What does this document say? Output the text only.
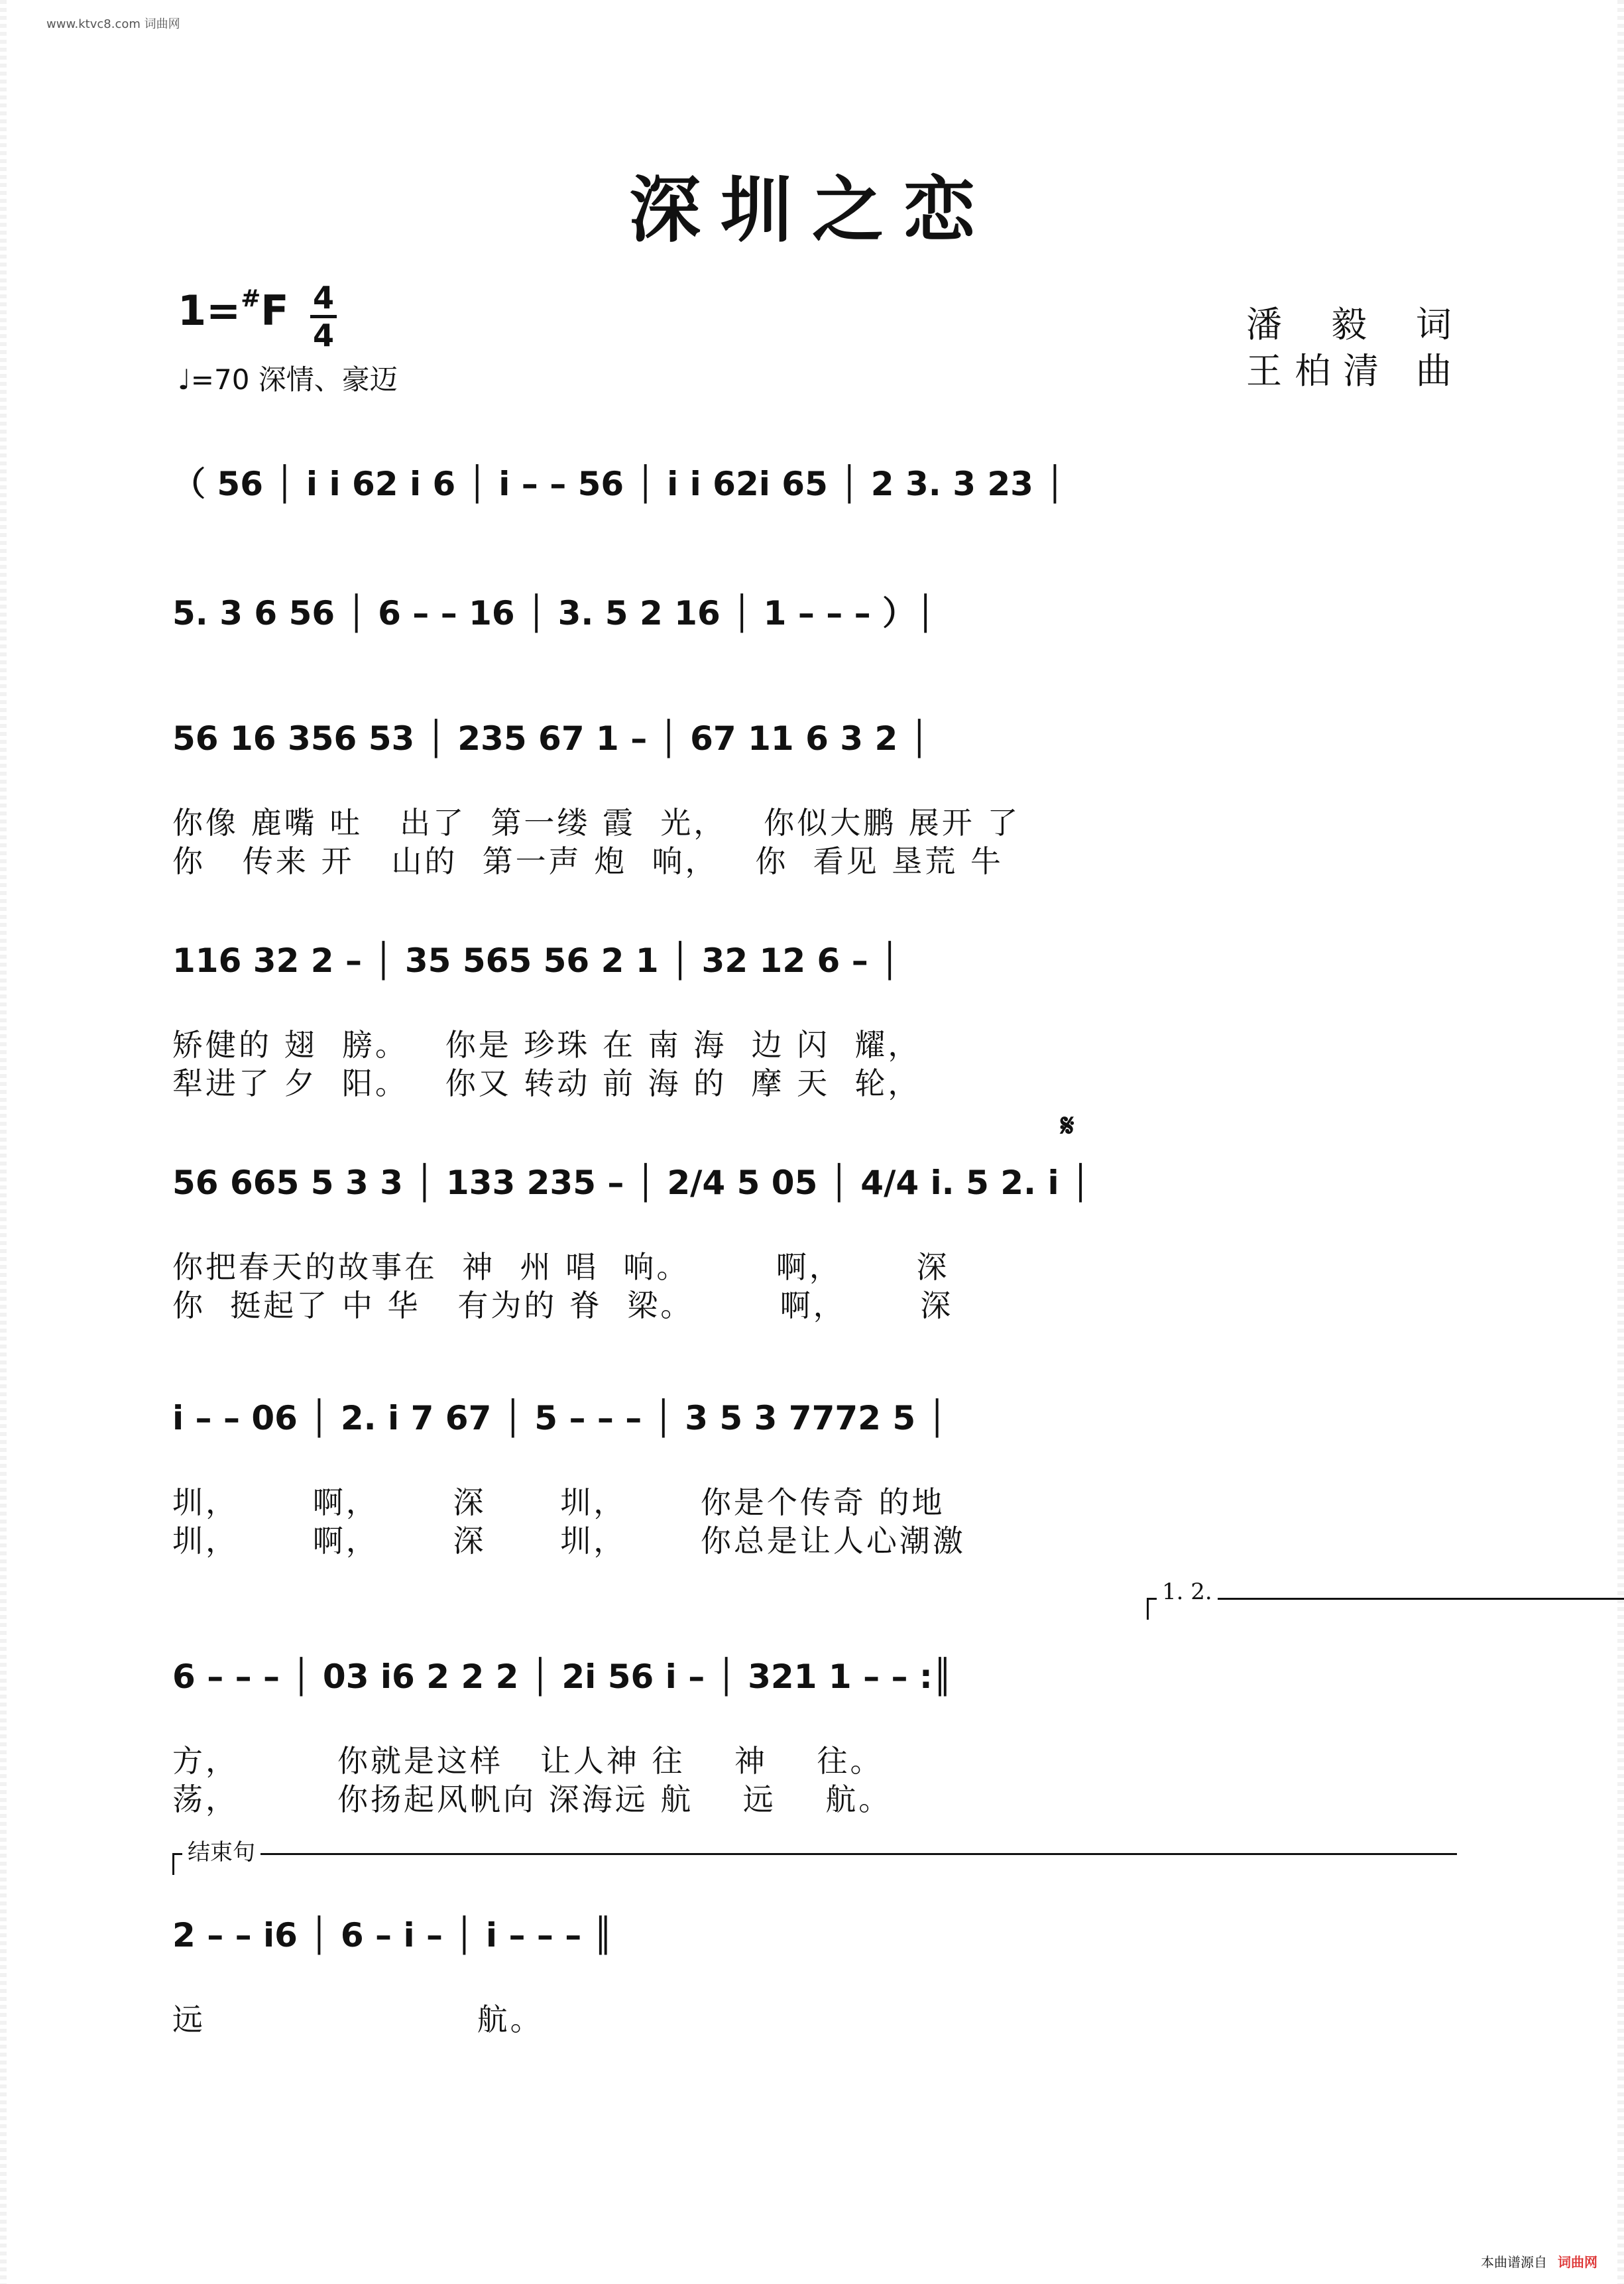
www.ktvc8.com 词曲网
深圳之恋
1=#F 4
4
♩=70 深情、豪迈
潘 毅 词
王柏清 曲
（ 56 │ i i 62 i 6 │ i – – 56 │ i i 62i 65 │ 2 3. 3 23 │
5. 3 6 56 │ 6 – – 16 │ 3. 5 2 16 │ 1 – – – ）│
56 16 356 53 │ 235 67 1 – │ 67 11 6 3 2 │
你像 鹿嘴 吐   出了  第一缕 霞  光，   你似大鹏 展开 了
你   传来 开   山的  第一声 炮  响，   你  看见 垦荒 牛
116 32 2 – │ 35 565 56 2 1 │ 32 12 6 – │
矫健的 翅  膀。   你是 珍珠 在 南 海  边 闪  耀，
犁进了 夕  阳。   你又 转动 前 海 的  摩 天  轮，
𝄋
56 665 5 3 3 │ 133 235 – │ 2/4 5 05 │ 4/4 i. 5 2. i │
你把春天的故事在  神  州 唱  响。       啊，      深
你  挺起了 中 华   有为的 脊  梁。       啊，      深
i – – 06 │ 2. i 7 67 │ 5 – – – │ 3 5 3 7772 5 │
圳，      啊，      深      圳，      你是个传奇 的地
圳，      啊，      深      圳，      你总是让人心潮激
1. 2.
6 – – – │ 03 i6 2 2 2 │ 2i 56 i – │ 321 1 – – :║
方，        你就是这样   让人神 往    神    往。
荡，        你扬起风帆向 深海远 航    远    航。
结束句
2 – – i6 │ 6 – i – │ i – – – ║
远                      航。
本曲谱源自 词曲网
